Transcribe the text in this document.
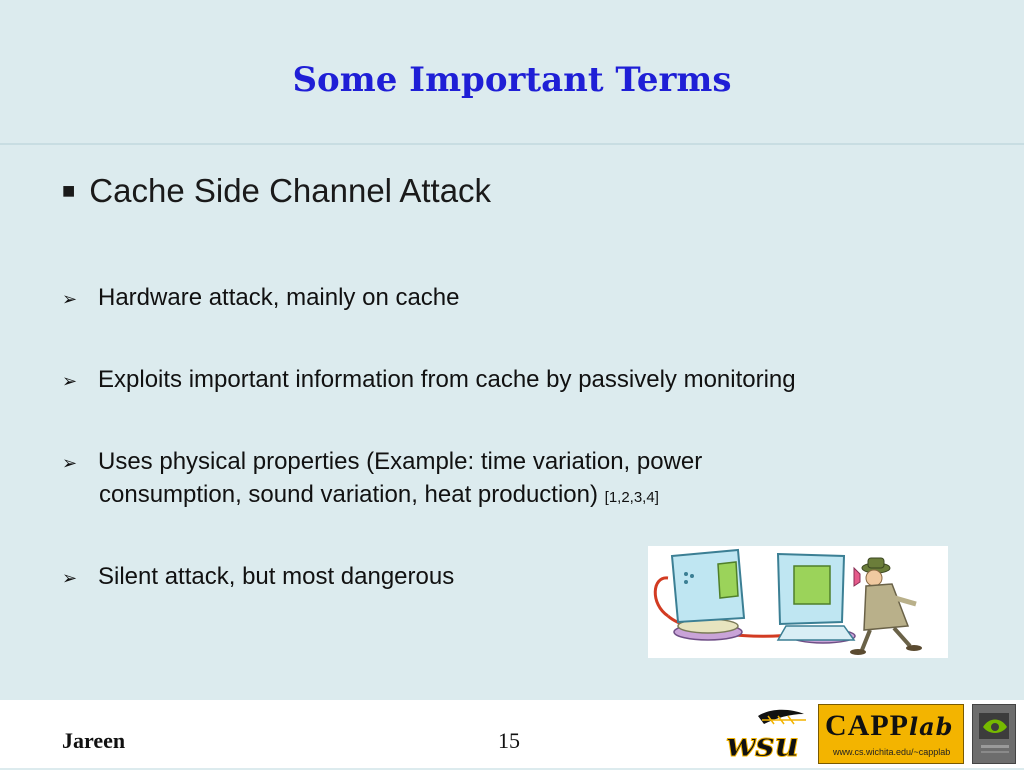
Some Important Terms
■ Cache Side Channel Attack
➢ Hardware attack, mainly on cache
➢ Exploits important information from cache by passively monitoring
➢ Uses physical properties (Example: time variation, power
consumption, sound variation, heat production) [1,2,3,4]
➢ Silent attack, but most dangerous
Jareen	15	wsu CAPPlab
www.cs.wichita.edu/~capplab
